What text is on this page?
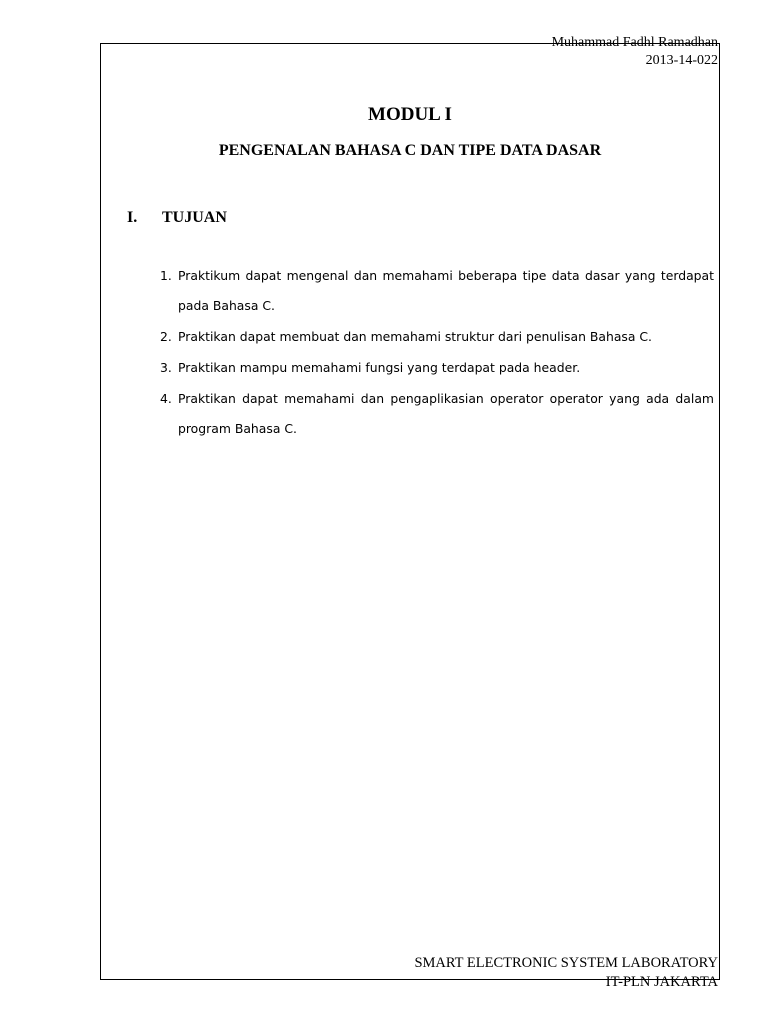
Muhammad Fadhl Ramadhan
2013-14-022
MODUL I
PENGENALAN BAHASA C DAN TIPE DATA DASAR
I. TUJUAN
1. Praktikum dapat mengenal dan memahami beberapa tipe data dasar yang terdapat pada Bahasa C.
2. Praktikan dapat membuat dan memahami struktur dari penulisan Bahasa C.
3. Praktikan mampu memahami fungsi yang terdapat pada header.
4. Praktikan dapat memahami dan pengaplikasian operator operator yang ada dalam program Bahasa C.
SMART ELECTRONIC SYSTEM LABORATORY
IT-PLN JAKARTA
